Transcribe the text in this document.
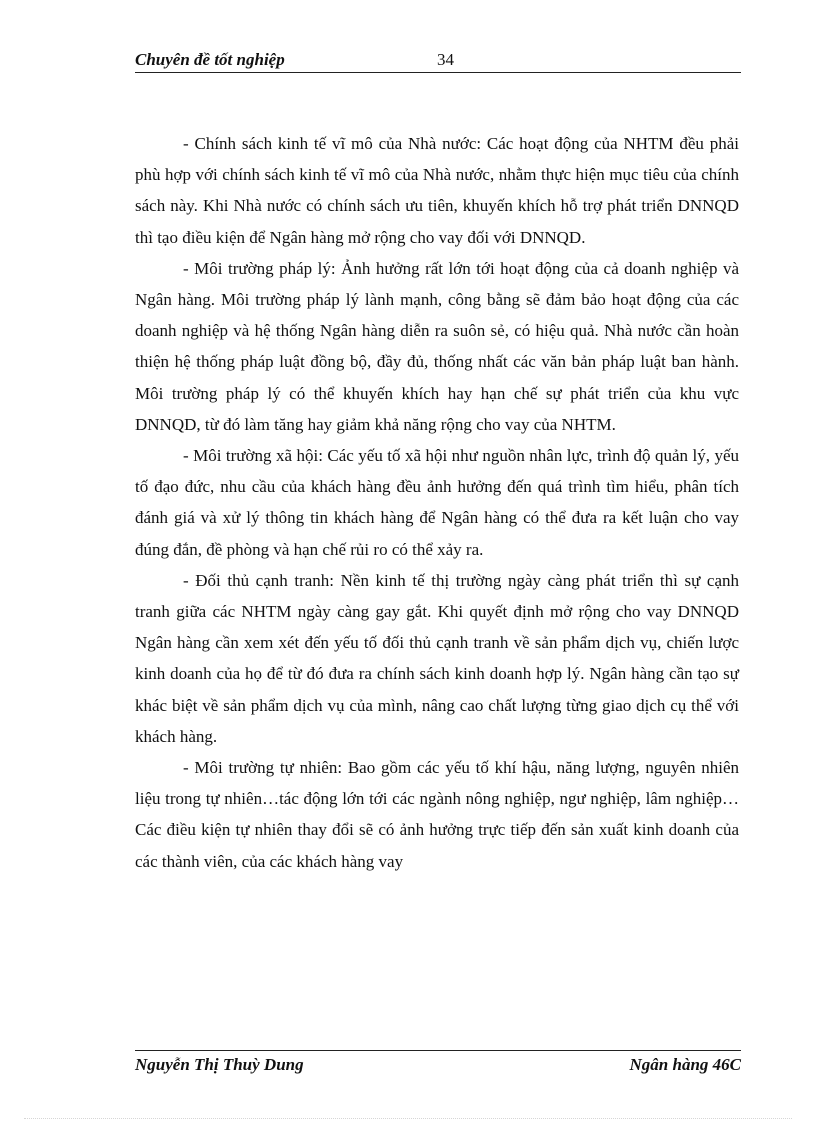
Chuyên đề tốt nghiệp	34

- Chính sách kinh tế vĩ mô của Nhà nước: Các hoạt động của NHTM đều phải phù hợp với chính sách kinh tế vĩ mô của Nhà nước, nhằm thực hiện mục tiêu của chính sách này. Khi Nhà nước có chính sách ưu tiên, khuyến khích hỗ trợ phát triển DNNQD thì tạo điều kiện để Ngân hàng mở rộng cho vay đối với DNNQD.

- Môi trường pháp lý: Ảnh hưởng rất lớn tới hoạt động của cả doanh nghiệp và Ngân hàng. Môi trường pháp lý lành mạnh, công bằng sẽ đảm bảo hoạt động của các doanh nghiệp và hệ thống Ngân hàng diễn ra suôn sẻ, có hiệu quả. Nhà nước cần hoàn thiện hệ thống pháp luật đồng bộ, đầy đủ, thống nhất các văn bản pháp luật ban hành. Môi trường pháp lý có thể khuyến khích hay hạn chế sự phát triển của khu vực DNNQD, từ đó làm tăng hay giảm khả năng rộng cho vay của NHTM.

- Môi trường xã hội: Các yếu tố xã hội như nguồn nhân lực, trình độ quản lý, yếu tố đạo đức, nhu cầu của khách hàng đều ảnh hưởng đến quá trình tìm hiểu, phân tích đánh giá và xử lý thông tin khách hàng để Ngân hàng có thể đưa ra kết luận cho vay đúng đắn, đề phòng và hạn chế rủi ro có thể xảy ra.

- Đối thủ cạnh tranh: Nền kinh tế thị trường ngày càng phát triển thì sự cạnh tranh giữa các NHTM ngày càng gay gắt. Khi quyết định mở rộng cho vay DNNQD Ngân hàng cần xem xét đến yếu tố đối thủ cạnh tranh về sản phẩm dịch vụ, chiến lược kinh doanh của họ để từ đó đưa ra chính sách kinh doanh hợp lý. Ngân hàng cần tạo sự khác biệt về sản phẩm dịch vụ của mình, nâng cao chất lượng từng giao dịch cụ thể với khách hàng.

- Môi trường tự nhiên: Bao gồm các yếu tố khí hậu, năng lượng, nguyên nhiên liệu trong tự nhiên…tác động lớn tới các ngành nông nghiệp, ngư nghiệp, lâm nghiệp…Các điều kiện tự nhiên thay đổi sẽ có ảnh hưởng trực tiếp đến sản xuất kinh doanh của các thành viên, của các khách hàng vay

Nguyễn Thị Thuỳ Dung	Ngân hàng 46C
